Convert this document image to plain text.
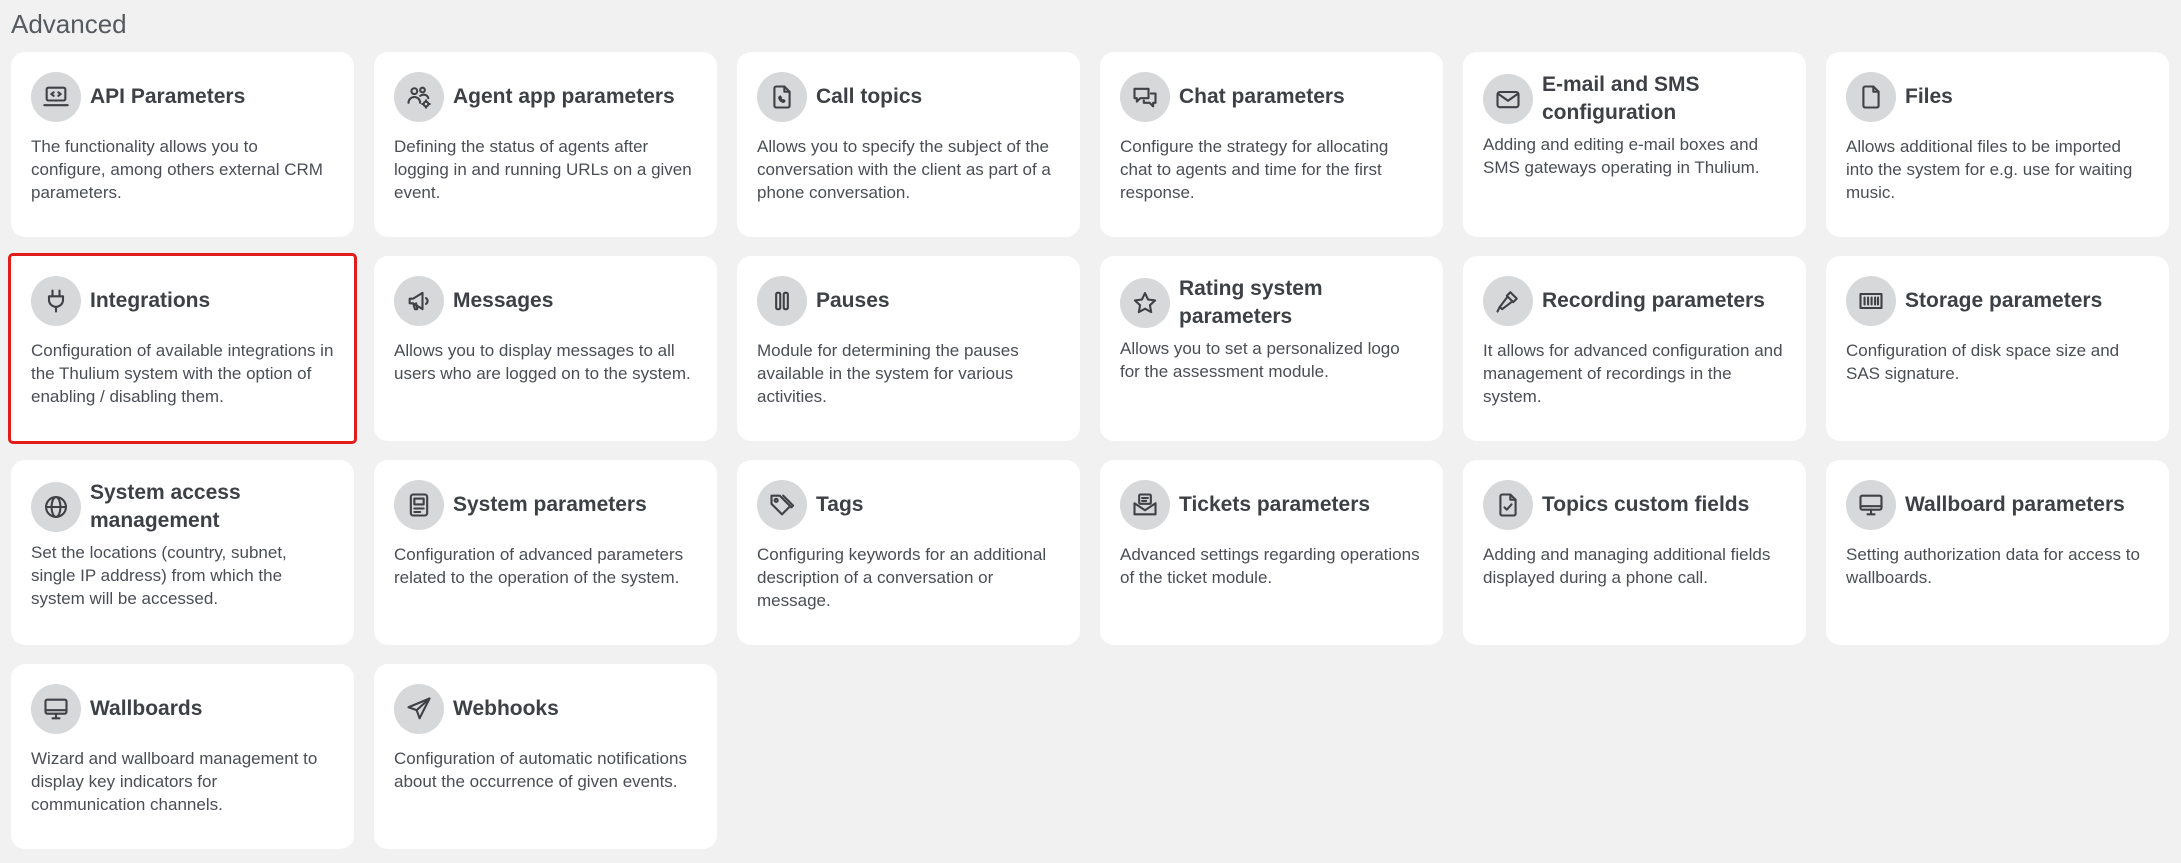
Advanced
API Parameters

The functionality allows you to configure, among others external CRM parameters.

Agent app parameters

Defining the status of agents after logging in and running URLs on a given event.

Call topics

Allows you to specify the subject of the conversation with the client as part of a phone conversation.

Chat parameters

Configure the strategy for allocating chat to agents and time for the first response.

E-mail and SMS configuration

Adding and editing e-mail boxes and SMS gateways operating in Thulium.

Files

Allows additional files to be imported into the system for e.g. use for waiting music.

Integrations

Configuration of available integrations in the Thulium system with the option of enabling / disabling them.

Messages

Allows you to display messages to all users who are logged on to the system.

Pauses

Module for determining the pauses available in the system for various activities.

Rating system parameters

Allows you to set a personalized logo for the assessment module.

Recording parameters

It allows for advanced configuration and management of recordings in the system.

Storage parameters

Configuration of disk space size and SAS signature.

System access management

Set the locations (country, subnet, single IP address) from which the system will be accessed.

System parameters

Configuration of advanced parameters related to the operation of the system.

Tags

Configuring keywords for an additional description of a conversation or message.

Tickets parameters

Advanced settings regarding operations of the ticket module.

Topics custom fields

Adding and managing additional fields displayed during a phone call.

Wallboard parameters

Setting authorization data for access to wallboards.

Wallboards

Wizard and wallboard management to display key indicators for communication channels.

Webhooks

Configuration of automatic notifications about the occurrence of given events.
